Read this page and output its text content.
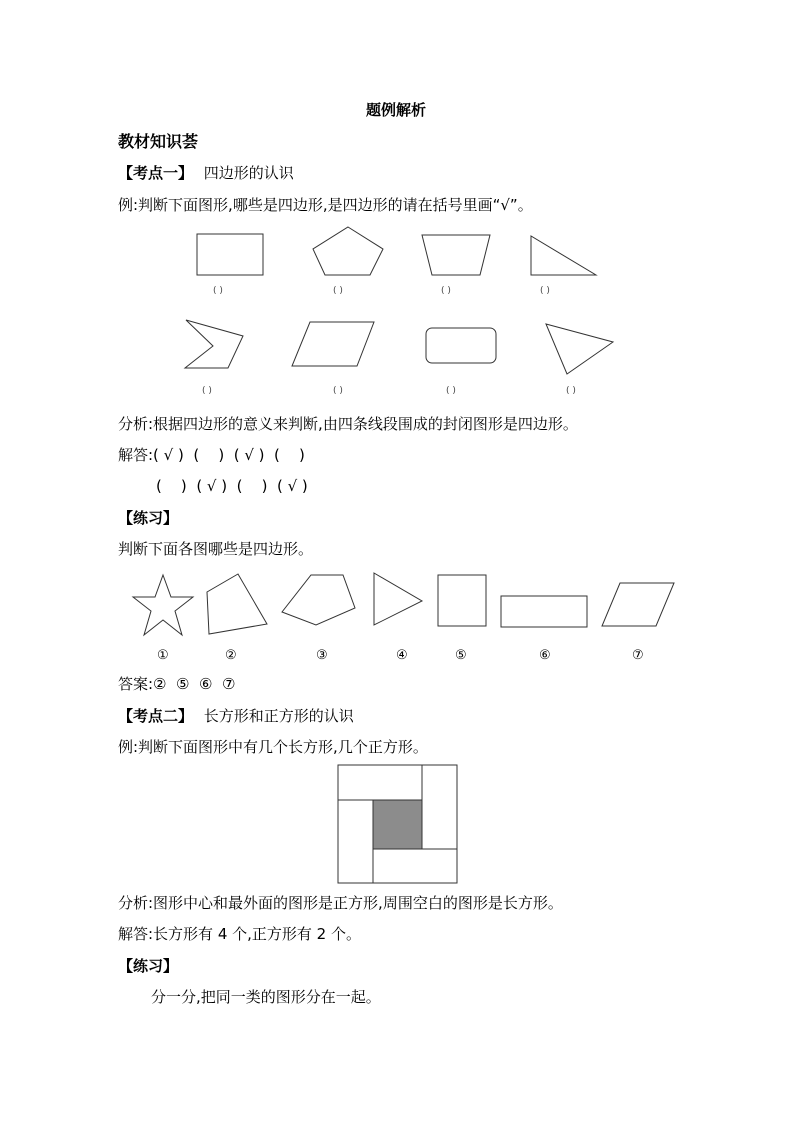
题例解析
教材知识荟
【考点一】 四边形的认识
例:判断下面图形,哪些是四边形,是四边形的请在括号里画“√”。
( )	( )	( )	( )
( )	( )	( )	( )
分析:根据四边形的意义来判断,由四条线段围成的封闭图形是四边形。
解答:( √ )  (    )  ( √ )  (    )
(    )  ( √ )  (    )  ( √ )
【练习】
判断下面各图哪些是四边形。
①	②	③	④	⑤	⑥	⑦
答案:②  ⑤  ⑥  ⑦
【考点二】 长方形和正方形的认识
例:判断下面图形中有几个长方形,几个正方形。
分析:图形中心和最外面的图形是正方形,周围空白的图形是长方形。
解答:长方形有 4 个,正方形有 2 个。
【练习】
分一分,把同一类的图形分在一起。
